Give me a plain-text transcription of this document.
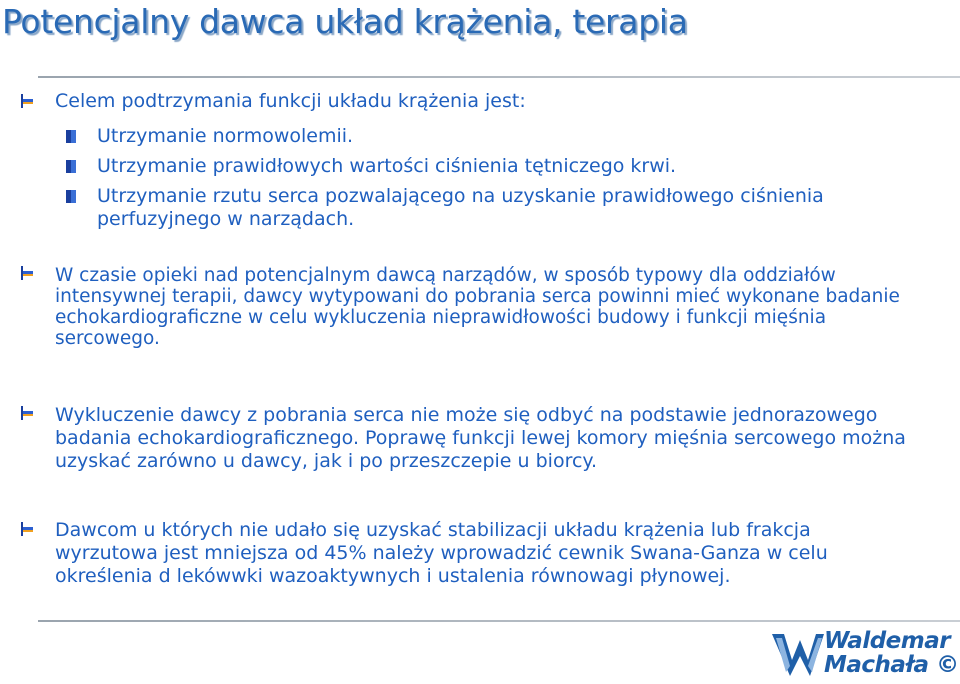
Potencjalny dawca układ krążenia, terapia
Celem podtrzymania funkcji układu krążenia jest:
Utrzymanie normowolemii.
Utrzymanie prawidłowych wartości ciśnienia tętniczego krwi.
Utrzymanie rzutu serca pozwalającego na uzyskanie prawidłowego ciśnienia perfuzyjnego w narządach.
W czasie opieki nad potencjalnym dawcą narządów, w sposób typowy dla oddziałów intensywnej terapii, dawcy wytypowani do pobrania serca powinni mieć wykonane badanie echokardiograficzne w celu wykluczenia nieprawidłowości budowy i funkcji mięśnia sercowego.
Wykluczenie dawcy z pobrania serca nie może się odbyć na podstawie jednorazowego badania echokardiograficznego. Poprawę funkcji lewej komory mięśnia sercowego można uzyskać zarówno u dawcy, jak i po przeszczepie u biorcy.
Dawcom u których nie udało się uzyskać stabilizacji układu krążenia lub frakcja wyrzutowa jest mniejsza od 45% należy wprowadzić cewnik Swana-Ganza w celu określenia d lekówwki wazoaktywnych i ustalenia równowagi płynowej.
Waldemar
Machała ©
